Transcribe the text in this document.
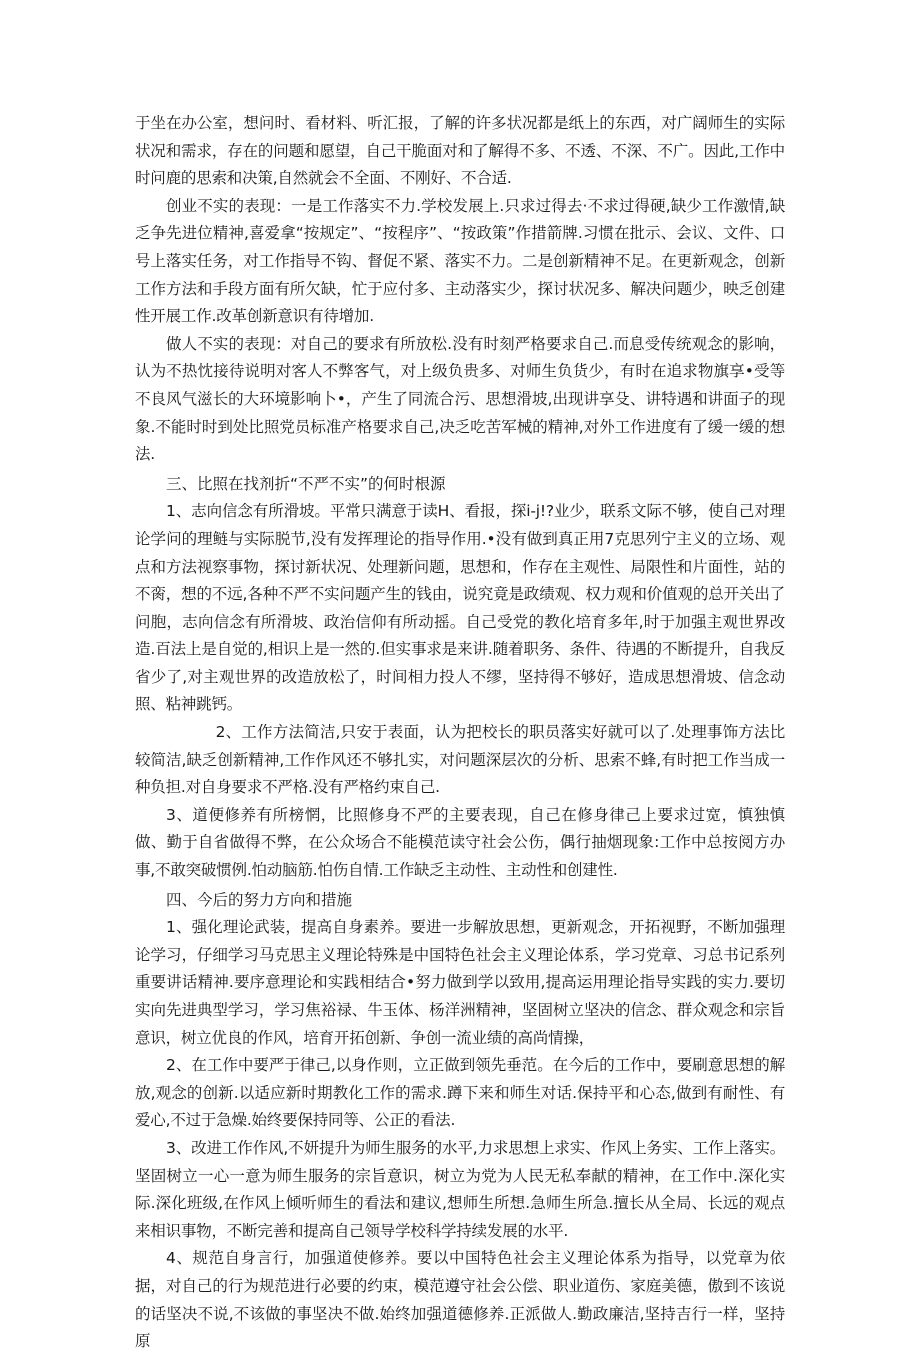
于坐在办公室，想问时、看材料、听汇报，了解的许多状况都是纸上的东西，对广阔师生的实际状况和需求，存在的问题和愿望，自己干脆面对和了解得不多、不透、不深、不广。因此,工作中时问鹿的思索和决策,自然就会不全面、不刚好、不合适.

创业不实的表现：一是工作落实不力.学校发展上.只求过得去·不求过得硬,缺少工作激情,缺乏争先进位精神,喜爱拿“按规定”、“按程序”、“按政策”作措箭牌.习惯在批示、会议、文件、口号上落实任务，对工作指导不钩、督促不紧、落实不力。二是创新精神不足。在更新观念，创新工作方法和手段方面有所欠缺，忙于应付多、主动落实少，探讨状况多、解决问题少，映乏创建性开展工作.改革创新意识有待增加.

做人不实的表现：对自己的要求有所放松.没有时刻严格要求自己.而息受传统观念的影响，认为不热忱接待说明对客人不弊客气，对上级负贵多、对师生负货少，有时在追求物旗享•受等不良风气滋长的大环境影响卜•，产生了同流合污、思想滑坡,出现讲享殳、讲特遇和讲面子的现象.不能时时到处比照党员标准产格要求自己,决乏吃苦军械的精神,对外工作进度有了缓一缓的想法.

三、比照在找剂折“不严不实”的何时根源

1、志向信念有所滑坡。平常只满意于读H、看报，探i-j!?业少，联系文际不够，使自己对理论学问的理鲢与实际脱节,没有发挥理论的指导作用.•没有做到真正用7克思列宁主义的立场、观点和方法视察事物，探讨新状况、处理新问题，思想和，作存在主观性、局限性和片面性，站的不脔，想的不远,各种不严不实问题产生的钱由，说究竟是政绩观、权力观和价值观的总开关出了问胞，志向信念有所滑坡、政治信仰有所动摇。自己受党的教化培育多年,时于加强主观世界改造.百法上是自觉的,相识上是一然的.但实事求是来讲.随着职务、条件、待遇的不断提升，自我反省少了,对主观世界的改造放松了，时间相力投人不缪，坚持得不够好，造成思想滑坡、信念动照、粘神跳钙。

2、工作方法简洁,只安于表面，认为把校长的职员落实好就可以了.处理事饰方法比较简洁,缺乏创新精神,工作作风还不够扎实，对问题深层次的分析、思索不蜂,有时把工作当成一种负担.对自身要求不严格.没有严格约束自己.

3、道便修养有所榜惘，比照修身不严的主要表现，自己在修身律己上要求过宽，慎独慎做、勤于自省做得不弊，在公众场合不能模范读守社会公伤，偶行抽烟现象:工作中总按阅方办事,不敢突破惯例.怕动脑筋.怕伤自情.工作缺乏主动性、主动性和创建性.

四、今后的努力方向和措施

1、强化理论武装，提高自身素养。要进一步解放思想，更新观念，开拓视野，不断加强理论学习，仔细学习马克思主义理论特殊是中国特色社会主义理论体系，学习党章、习总书记系列重要讲话精神.要序意理论和实践相结合•努力做到学以致用,提高运用理论指导实践的实力.要切实向先进典型学习，学习焦裕禄、牛玉体、杨洋洲精神，坚固树立坚决的信念、群众观念和宗旨意识，树立优良的作风，培育开拓创新、争创一流业绩的高尚情操，

2、在工作中要严于律己,以身作则，立正做到领先垂范。在今后的工作中，要刷意思想的解放,观念的创新.以适应新时期教化工作的需求.蹲下来和师生对话.保持平和心态,做到有耐性、有爱心,不过于急燥.始终要保持同等、公正的看法.

3、改进工作作风,不妍提升为师生服务的水平,力求思想上求实、作风上务实、工作上落实。坚固树立一心一意为师生服务的宗旨意识，树立为党为人民无私奉献的精神，在工作中.深化实际.深化班级,在作风上倾听师生的看法和建议,想师生所想.急师生所急.擅长从全局、长远的观点来相识事物，不断完善和提高自己领导学校科学持续发展的水平.

4、规范自身言行，加强道使修养。要以中国特色社会主义理论体系为指导，以党章为依据，对自己的行为规范进行必要的约束，模范遵守社会公偿、职业道伤、家庭美德，傲到不该说的话坚决不说,不该做的事坚决不做.始终加强道德修养.正派做人.勤政廉洁,坚持吉行一样，坚持原
